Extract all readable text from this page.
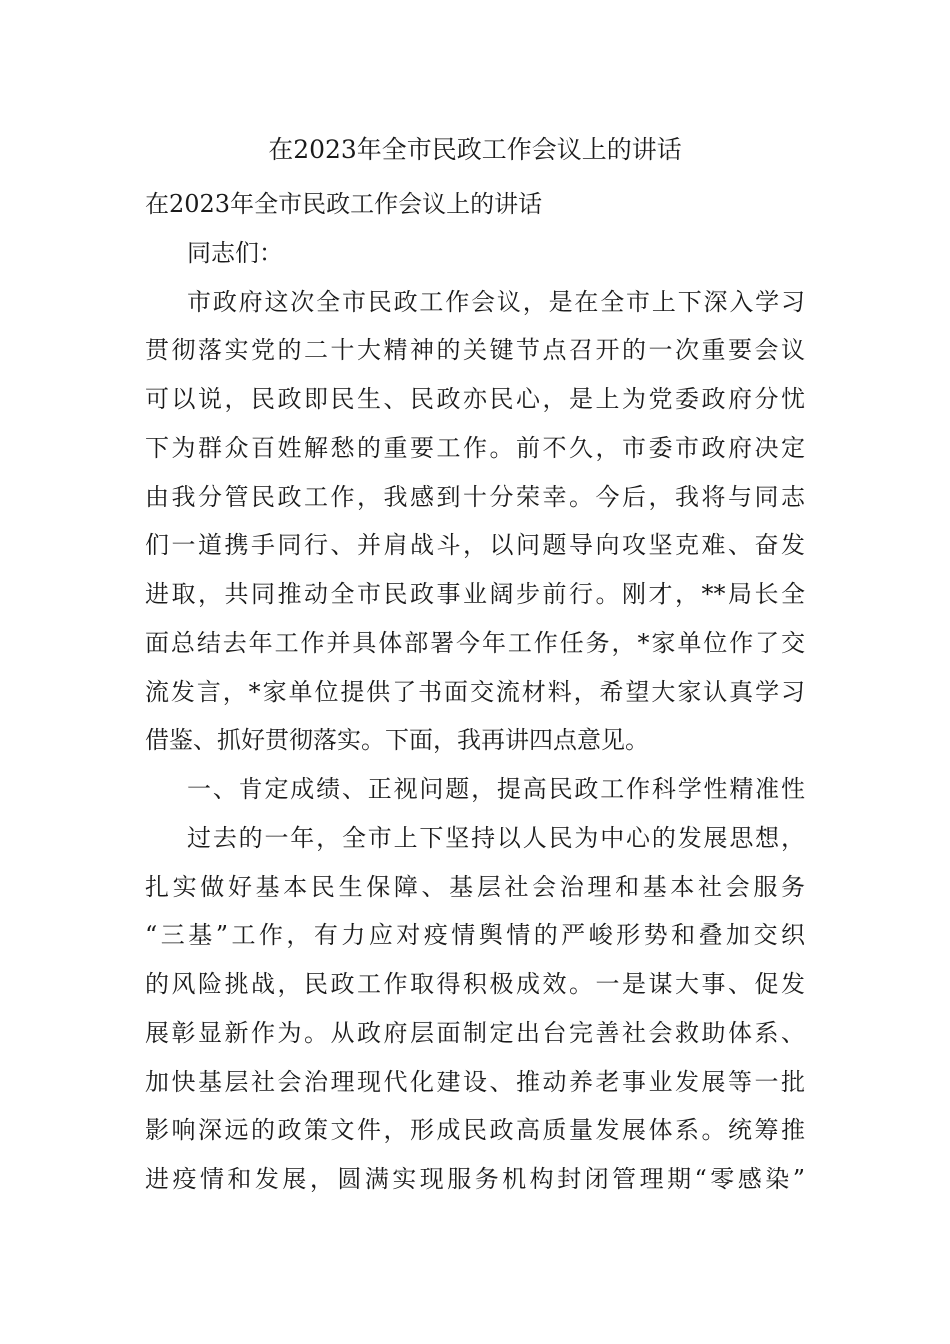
在2023年全市民政工作会议上的讲话
在2023年全市民政工作会议上的讲话
同志们：
市政府这次全市民政工作会议，是在全市上下深入学习
贯彻落实党的二十大精神的关键节点召开的一次重要会议
可以说，民政即民生、民政亦民心，是上为党委政府分忧
下为群众百姓解愁的重要工作。前不久，市委市政府决定
由我分管民政工作，我感到十分荣幸。今后，我将与同志
们一道携手同行、并肩战斗，以问题导向攻坚克难、奋发
进取，共同推动全市民政事业阔步前行。刚才，**局长全
面总结去年工作并具体部署今年工作任务，*家单位作了交
流发言，*家单位提供了书面交流材料，希望大家认真学习
借鉴、抓好贯彻落实。下面，我再讲四点意见。
一、肯定成绩、正视问题，提高民政工作科学性精准性
过去的一年，全市上下坚持以人民为中心的发展思想，
扎实做好基本民生保障、基层社会治理和基本社会服务
“三基”工作，有力应对疫情舆情的严峻形势和叠加交织
的风险挑战，民政工作取得积极成效。一是谋大事、促发
展彰显新作为。从政府层面制定出台完善社会救助体系、
加快基层社会治理现代化建设、推动养老事业发展等一批
影响深远的政策文件，形成民政高质量发展体系。统筹推
进疫情和发展，圆满实现服务机构封闭管理期“零感染”
